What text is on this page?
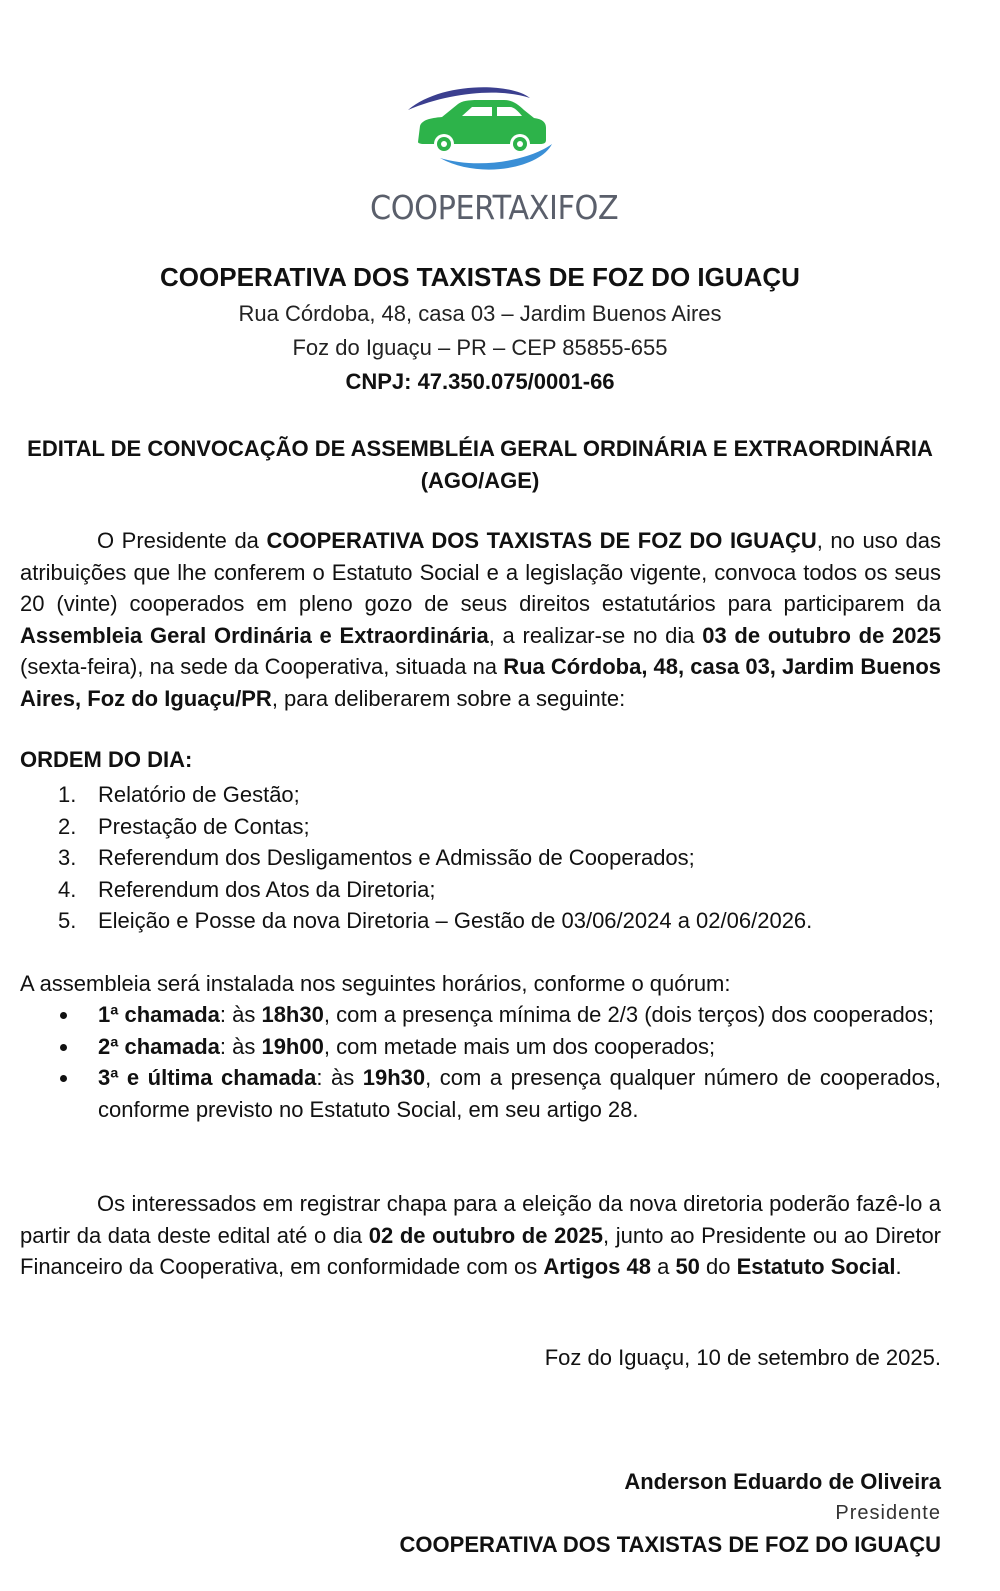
COOPERTAXIFOZ
COOPERATIVA DOS TAXISTAS DE FOZ DO IGUAÇU
Rua Córdoba, 48, casa 03 – Jardim Buenos Aires
Foz do Iguaçu – PR – CEP 85855-655
CNPJ: 47.350.075/0001-66
EDITAL DE CONVOCAÇÃO DE ASSEMBLÉIA GERAL ORDINÁRIA E EXTRAORDINÁRIA
(AGO/AGE)
O Presidente da COOPERATIVA DOS TAXISTAS DE FOZ DO IGUAÇU, no uso das atribuições que lhe conferem o Estatuto Social e a legislação vigente, convoca todos os seus 20 (vinte) cooperados em pleno gozo de seus direitos estatutários para participarem da Assembleia Geral Ordinária e Extraordinária, a realizar-se no dia 03 de outubro de 2025 (sexta-feira), na sede da Cooperativa, situada na Rua Córdoba, 48, casa 03, Jardim Buenos Aires, Foz do Iguaçu/PR, para deliberarem sobre a seguinte:
ORDEM DO DIA:
1. Relatório de Gestão;
2. Prestação de Contas;
3. Referendum dos Desligamentos e Admissão de Cooperados;
4. Referendum dos Atos da Diretoria;
5. Eleição e Posse da nova Diretoria – Gestão de 03/06/2024 a 02/06/2026.
A assembleia será instalada nos seguintes horários, conforme o quórum:
1ª chamada: às 18h30, com a presença mínima de 2/3 (dois terços) dos cooperados;
2ª chamada: às 19h00, com metade mais um dos cooperados;
3ª e última chamada: às 19h30, com a presença qualquer número de cooperados, conforme previsto no Estatuto Social, em seu artigo 28.
Os interessados em registrar chapa para a eleição da nova diretoria poderão fazê-lo a partir da data deste edital até o dia 02 de outubro de 2025, junto ao Presidente ou ao Diretor Financeiro da Cooperativa, em conformidade com os Artigos 48 a 50 do Estatuto Social.
Foz do Iguaçu, 10 de setembro de 2025.
Anderson Eduardo de Oliveira
Presidente
COOPERATIVA DOS TAXISTAS DE FOZ DO IGUAÇU
